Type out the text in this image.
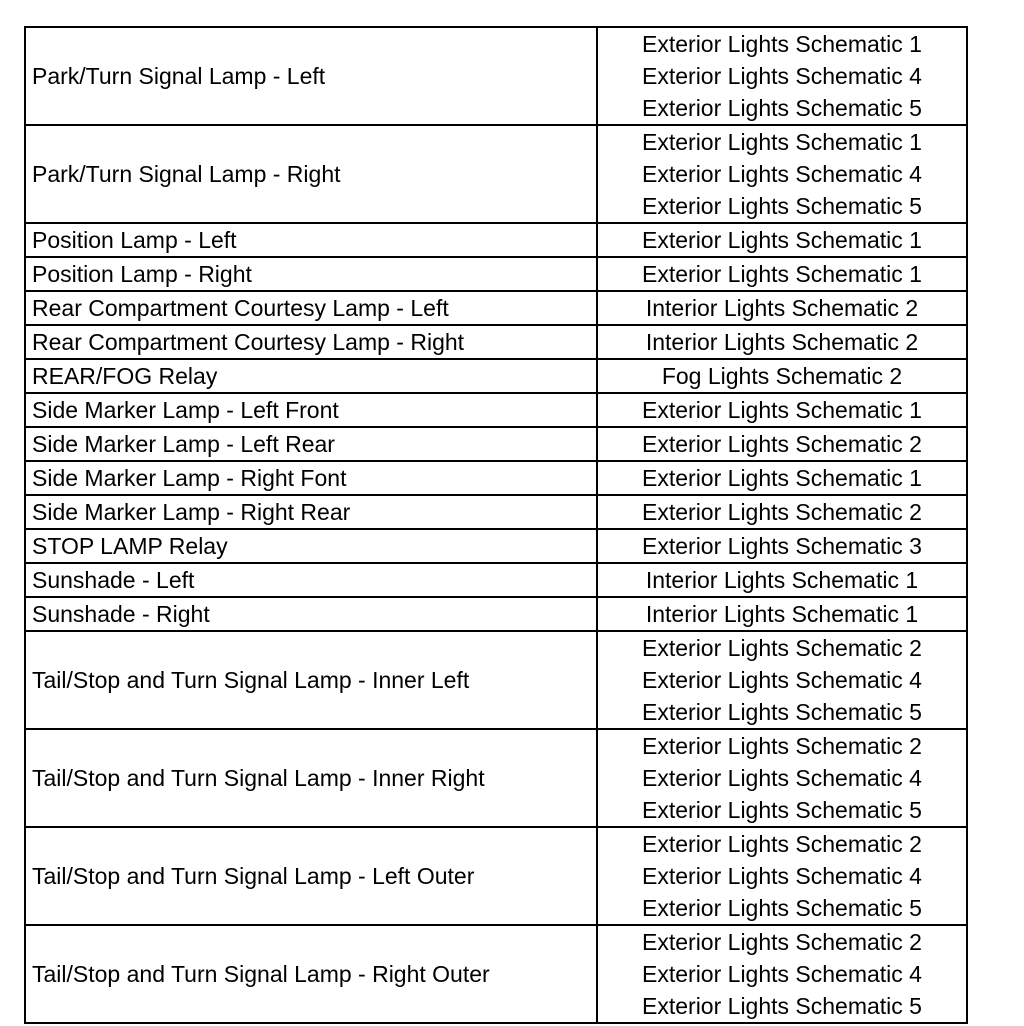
Park/Turn Signal Lamp - Left	Exterior Lights Schematic 1
Exterior Lights Schematic 4
Exterior Lights Schematic 5

Park/Turn Signal Lamp - Right	Exterior Lights Schematic 1
Exterior Lights Schematic 4
Exterior Lights Schematic 5

Position Lamp - Left	Exterior Lights Schematic 1

Position Lamp - Right	Exterior Lights Schematic 1

Rear Compartment Courtesy Lamp - Left	Interior Lights Schematic 2

Rear Compartment Courtesy Lamp - Right	Interior Lights Schematic 2

REAR/FOG Relay	Fog Lights Schematic 2

Side Marker Lamp - Left Front	Exterior Lights Schematic 1

Side Marker Lamp - Left Rear	Exterior Lights Schematic 2

Side Marker Lamp - Right Font	Exterior Lights Schematic 1

Side Marker Lamp - Right Rear	Exterior Lights Schematic 2

STOP LAMP Relay	Exterior Lights Schematic 3

Sunshade - Left	Interior Lights Schematic 1

Sunshade - Right	Interior Lights Schematic 1

Tail/Stop and Turn Signal Lamp - Inner Left	Exterior Lights Schematic 2
Exterior Lights Schematic 4
Exterior Lights Schematic 5

Tail/Stop and Turn Signal Lamp - Inner Right	Exterior Lights Schematic 2
Exterior Lights Schematic 4
Exterior Lights Schematic 5

Tail/Stop and Turn Signal Lamp - Left Outer	Exterior Lights Schematic 2
Exterior Lights Schematic 4
Exterior Lights Schematic 5

Tail/Stop and Turn Signal Lamp - Right Outer	Exterior Lights Schematic 2
Exterior Lights Schematic 4
Exterior Lights Schematic 5
